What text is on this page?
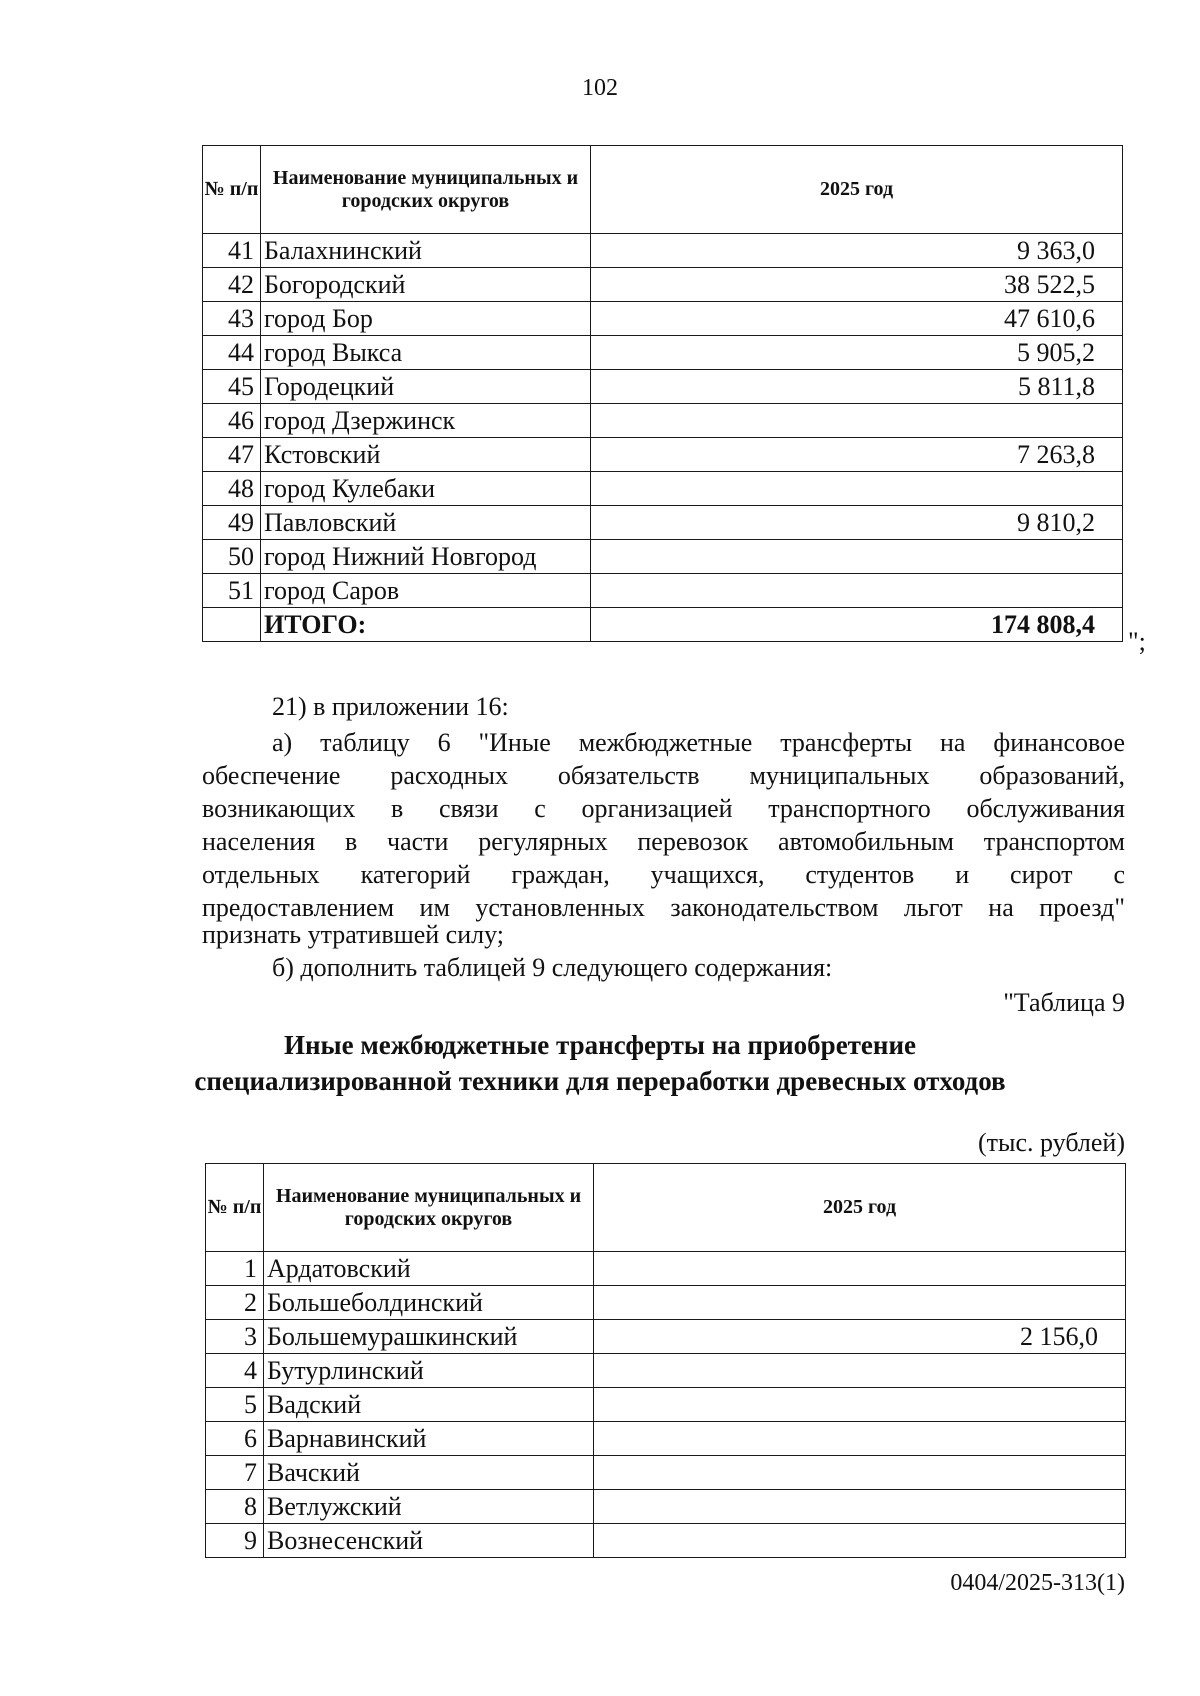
102
№ п/п	Наименование муниципальных и городских округов	2025 год
41	Балахнинский	9 363,0
42	Богородский	38 522,5
43	город Бор	47 610,6
44	город Выкса	5 905,2
45	Городецкий	5 811,8
46	город Дзержинск	
47	Кстовский	7 263,8
48	город Кулебаки	
49	Павловский	9 810,2
50	город Нижний Новгород	
51	город Саров	
	ИТОГО:	174 808,4
";
21) в приложении 16:
а) таблицу 6 "Иные межбюджетные трансферты на финансовое
обеспечение расходных обязательств муниципальных образований,
возникающих в связи с организацией транспортного обслуживания
населения в части регулярных перевозок автомобильным транспортом
отдельных категорий граждан, учащихся, студентов и сирот с
предоставлением им установленных законодательством льгот на проезд"
признать утратившей силу;
б) дополнить таблицей 9 следующего содержания:
"Таблица 9
Иные межбюджетные трансферты на приобретение
специализированной техники для переработки древесных отходов
(тыс. рублей)
№ п/п	Наименование муниципальных и городских округов	2025 год
1	Ардатовский	
2	Большеболдинский	
3	Большемурашкинский	2 156,0
4	Бутурлинский	
5	Вадский	
6	Варнавинский	
7	Вачский	
8	Ветлужский	
9	Вознесенский	
0404/2025-313(1)
